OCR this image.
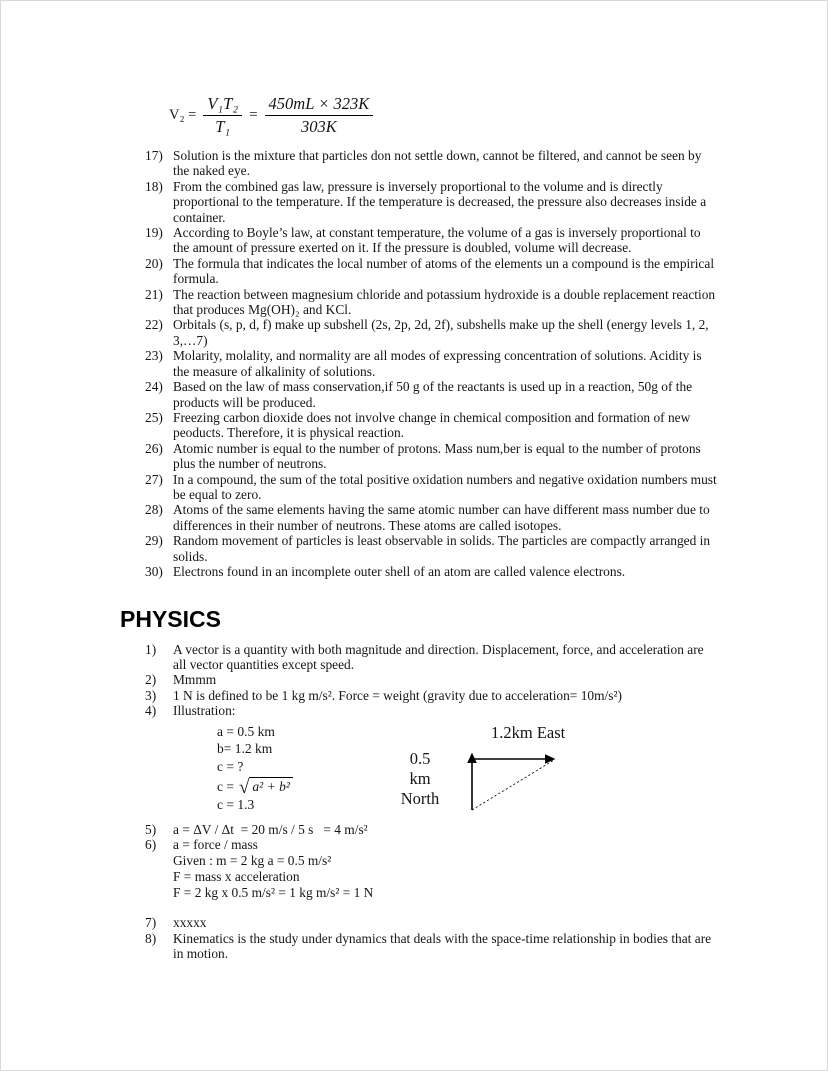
$V_2 = \frac{\text{V₁T₂}}{\text{T₁}} = \frac{450mL \times 323K}{303K}$
17) Solution is the mixture that particles don not settle down, cannot be filtered, and cannot be seen by the naked eye.
18) From the combined gas law, pressure is inversely proportional to the volume and is directly proportional to the temperature. If the temperature is decreased, the pressure also decreases inside a container.
19) According to Boyle’s law, at constant temperature, the volume of a gas is inversely proportional to the amount of pressure exerted on it. If the pressure is doubled, volume will decrease.
20) The formula that indicates the local number of atoms of the elements un a compound is the empirical formula.
21) The reaction between magnesium chloride and potassium hydroxide is a double replacement reaction that produces Mg(OH)₂ and KCl.
22) Orbitals (s, p, d, f) make up subshell (2s, 2p, 2d, 2f), subshells make up the shell (energy levels 1, 2, 3,…7)
23) Molarity, molality, and normality are all modes of expressing concentration of solutions. Acidity is the measure of alkalinity of solutions.
24) Based on the law of mass conservation,if 50 g of the reactants is used up in a reaction, 50g of the products will be produced.
25) Freezing carbon dioxide does not involve change in chemical composition and formation of new peoducts. Therefore, it is physical reaction.
26) Atomic number is equal to the number of protons. Mass num,ber is equal to the number of protons plus the number of neutrons.
27) In a compound, the sum of the total positive oxidation numbers and negative oxidation numbers must be equal to zero.
28) Atoms of the same elements having the same atomic number can have different mass number due to differences in their number of neutrons. These atoms are called isotopes.
29) Random movement of particles is least observable in solids. The particles are compactly arranged in solids.
30) Electrons found in an incomplete outer shell of an atom are called valence electrons.
PHYSICS
1)	A vector is a quantity with both magnitude and direction. Displacement, force, and acceleration are all vector quantities except speed.
2)	Mmmm
3)	1 N is defined to be 1 kg m/s². Force = weight (gravity due to acceleration= 10m/s²)
4)	Illustration:
a = 0.5 km
b= 1.2 km
c = ?
c = √ a² + b²
c = 1.3
0.5
km
North
1.2km East
5)	a = ΔV / Δt  = 20 m/s / 5 s   = 4 m/s²
6)	a = force / mass
Given : m = 2 kg a = 0.5 m/s²
F = mass x acceleration
F = 2 kg x 0.5 m/s² = 1 kg m/s² = 1 N
7)	xxxxx
8)	Kinematics is the study under dynamics that deals with the space-time relationship in bodies that are in motion.
